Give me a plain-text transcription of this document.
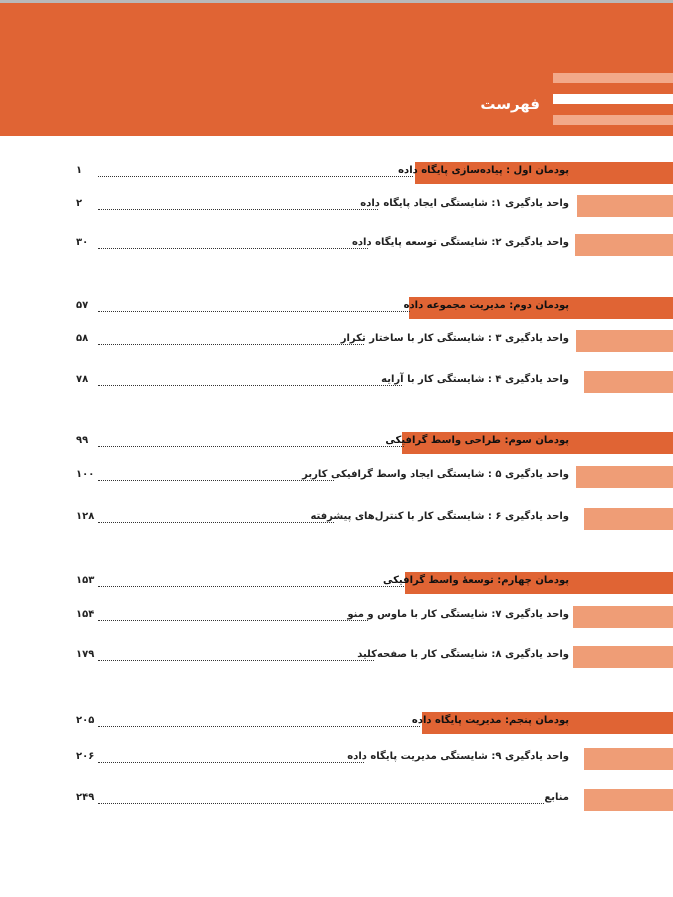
فهرست
پودمان اول : پیاده‌سازی پایگاه داده
۱
واحد یادگیری ۱: شایستگی ایجاد پایگاه داده
۲
واحد یادگیری ۲: شایستگی توسعه پایگاه داده
۳۰
پودمان دوم: مدیریت مجموعه داده
۵۷
واحد یادگیری ۳ : شایستگی کار با ساختار تکرار
۵۸
واحد یادگیری ۴ : شایستگی کار با آرایه
۷۸
پودمان سوم: طراحی واسط گرافیکی
۹۹
واحد یادگیری ۵ : شایستگی ایجاد واسط گرافیکی کاربر
۱۰۰
واحد یادگیری ۶ : شایستگی کار با کنترل‌های پیشرفته
۱۲۸
پودمان چهارم: توسعهٔ واسط گرافیکی
۱۵۳
واحد یادگیری ۷: شایستگی کار با ماوس و منو
۱۵۴
واحد یادگیری ۸: شایستگی کار با صفحه‌کلید
۱۷۹
پودمان پنجم: مدیریت پایگاه داده
۲۰۵
واحد یادگیری ۹: شایستگی مدیریت پایگاه داده
۲۰۶
منابع
۲۴۹
